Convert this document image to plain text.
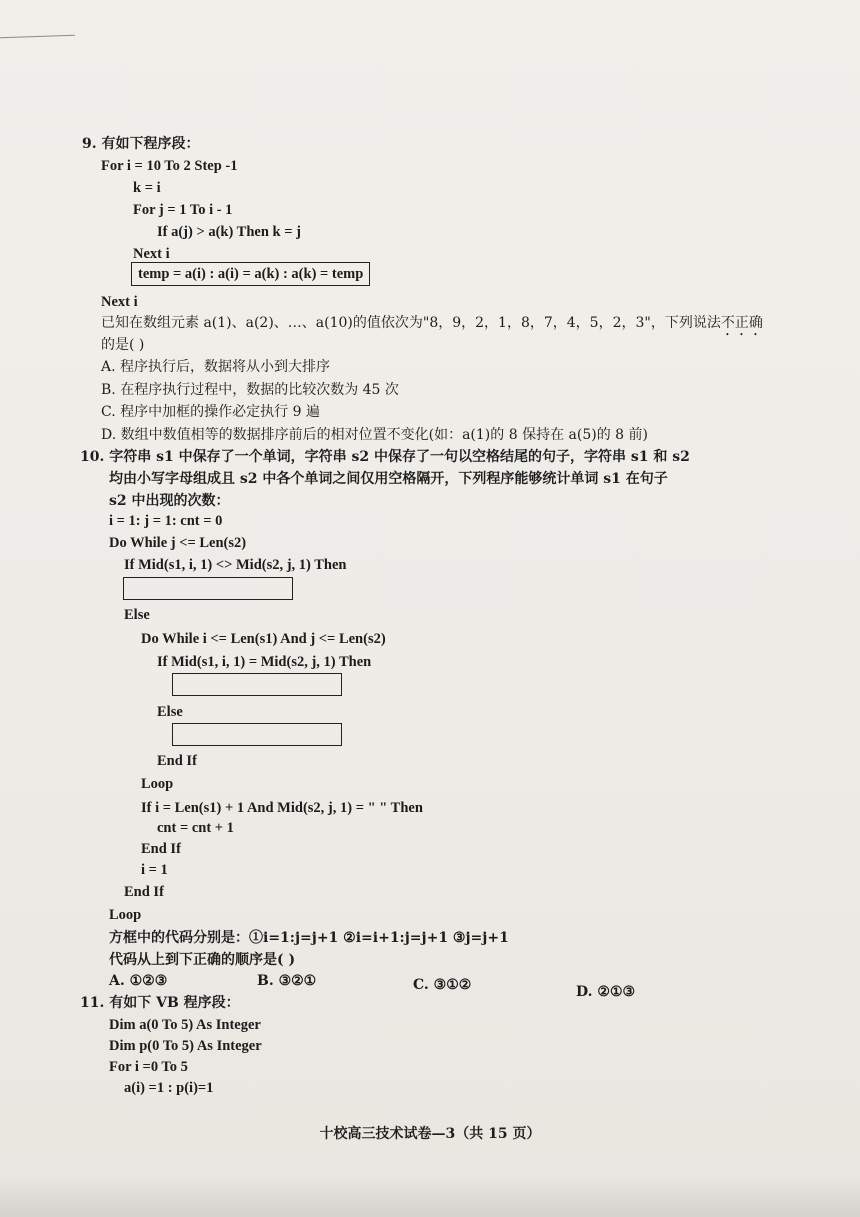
9. 有如下程序段：
For i = 10 To 2 Step -1
k = i
For j = 1 To i - 1
If a(j) > a(k) Then k = j
Next i
temp = a(i) : a(i) = a(k) : a(k) = temp
Next i
已知在数组元素 a(1)、a(2)、…、a(10)的值依次为"8，9，2，1，8，7，4，5，2，3"，下列说法不正确
的是( )
A. 程序执行后，数据将从小到大排序
B. 在程序执行过程中，数据的比较次数为 45 次
C. 程序中加框的操作必定执行 9 遍
D. 数组中数值相等的数据排序前后的相对位置不变化(如：a(1)的 8 保持在 a(5)的 8 前)
10. 字符串 s1 中保存了一个单词，字符串 s2 中保存了一句以空格结尾的句子，字符串 s1 和 s2
均由小写字母组成且 s2 中各个单词之间仅用空格隔开，下列程序能够统计单词 s1 在句子
s2 中出现的次数：
i = 1: j = 1: cnt = 0
Do While j <= Len(s2)
If Mid(s1, i, 1) <> Mid(s2, j, 1) Then
Else
Do While i <= Len(s1) And j <= Len(s2)
If Mid(s1, i, 1) = Mid(s2, j, 1) Then
Else
End If
Loop
If i = Len(s1) + 1 And Mid(s2, j, 1) = " " Then
cnt = cnt + 1
End If
i = 1
End If
Loop
方框中的代码分别是：①i=1:j=j+1 ②i=i+1:j=j+1 ③j=j+1
代码从上到下正确的顺序是( )
A. ①②③	B. ③②①	C. ③①②	D. ②①③
11. 有如下 VB 程序段：
Dim a(0 To 5) As Integer
Dim p(0 To 5) As Integer
For i =0 To 5
a(i) =1 : p(i)=1
十校高三技术试卷—3（共 15 页）
